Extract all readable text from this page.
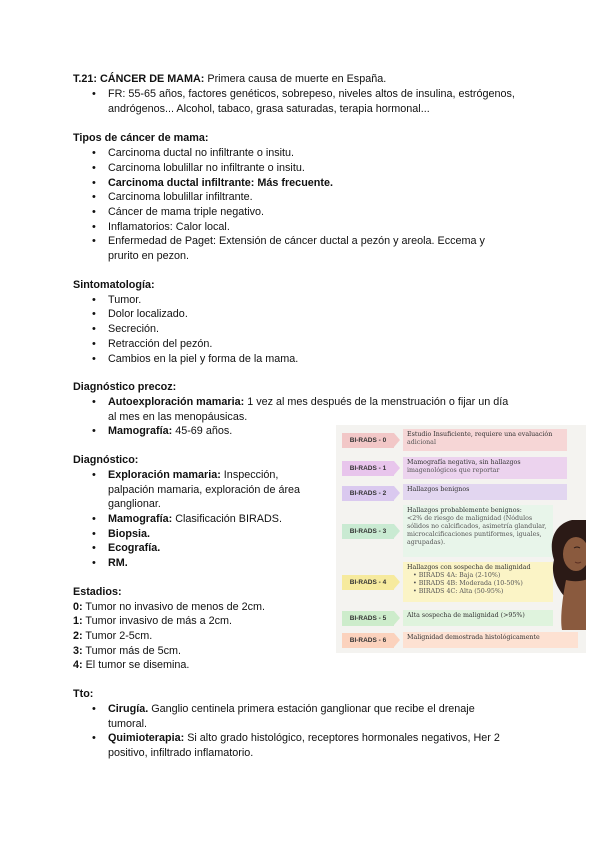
T.21: CÁNCER DE MAMA: Primera causa de muerte en España.
FR: 55-65 años, factores genéticos, sobrepeso, niveles altos de insulina, estrógenos,
andrógenos... Alcohol, tabaco, grasa saturadas, terapia hormonal...
Tipos de cáncer de mama:
Carcinoma ductal no infiltrante o insitu.
Carcinoma lobulillar no infiltrante o insitu.
Carcinoma ductal infiltrante: Más frecuente.
Carcinoma lobulillar infiltrante.
Cáncer de mama triple negativo.
Inflamatorios: Calor local.
Enfermedad de Paget: Extensión de cáncer ductal a pezón y areola. Eccema y
prurito en pezon.
Sintomatología:
Tumor.
Dolor localizado.
Secreción.
Retracción del pezón.
Cambios en la piel y forma de la mama.
Diagnóstico precoz:
Autoexploración mamaria: 1 vez al mes después de la menstruación o fijar un día
al mes en las menopáusicas.
Mamografía: 45-69 años.
Diagnóstico:
Exploración mamaria: Inspección,
palpación mamaria, exploración de área
ganglionar.
Mamografía: Clasificación BIRADS.
Biopsia.
Ecografía.
RM.
Estadios:
0: Tumor no invasivo de menos de 2cm.
1: Tumor invasivo de más a 2cm.
2: Tumor 2-5cm.
3: Tumor más de 5cm.
4: El tumor se disemina.
Tto:
Cirugía. Ganglio centinela primera estación ganglionar que recibe el drenaje
tumoral.
Quimioterapia: Si alto grado histológico, receptores hormonales negativos, Her 2
positivo, infiltrado inflamatorio.
BI-RADS - 0
Estudio Insuficiente, requiere una evaluación
adicional
BI-RADS - 1
Mamografía negativa, sin hallazgos
imagenológicos que reportar
BI-RADS - 2
Hallazgos benignos
BI-RADS - 3
Hallazgos probablemente benignos:
<2% de riesgo de malignidad (Nódulos sólidos no calcificados, asimetría glandular, microcalcificaciones puntiformes, iguales, agrupadas).
BI-RADS - 4
Hallazgos con sospecha de malignidad
• BIRADS 4A: Baja (2-10%)
• BIRADS 4B: Moderada (10-50%)
• BIRADS 4C: Alta (50-95%)
BI-RADS - 5	Alta sospecha de malignidad (>95%)
BI-RADS - 6	Malignidad demostrada histológicamente
